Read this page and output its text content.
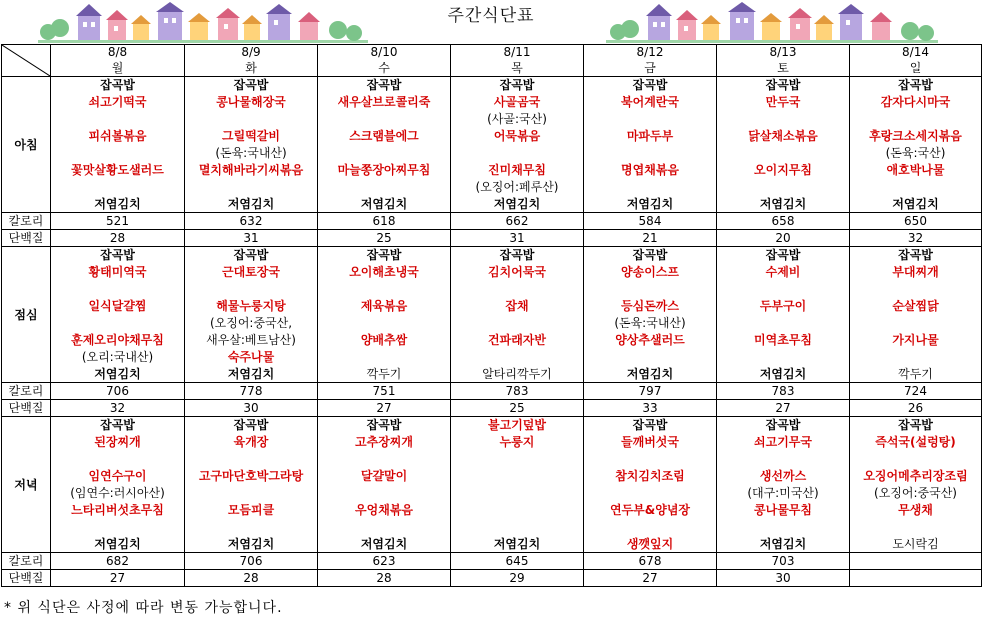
주간식단표
	8/8	8/9	8/10	8/11	8/12	8/13	8/14
	월	화	수	목	금	토	일
아침	잡곡밥	잡곡밥	잡곡밥	잡곡밥	잡곡밥	잡곡밥	잡곡밥
	쇠고기떡국	콩나물해장국	새우살브로콜리죽	사골곰국	북어계란국	만두국	감자다시마국
				(사골:국산)			
	피쉬볼볶음	그릴떡갈비	스크램블에그	어묵볶음	마파두부	닭살채소볶음	후랑크소세지볶음
		(돈육:국내산)					(돈육:국산)
	꽃맛살황도샐러드	멸치해바라기씨볶음	마늘쫑장아찌무침	진미채무침	명엽채볶음	오이지무침	애호박나물
				(오징어:페루산)			
	저염김치	저염김치	저염김치	저염김치	저염김치	저염김치	저염김치
칼로리	521	632	618	662	584	658	650
단백질	28	31	25	31	21	20	32
점심	잡곡밥	잡곡밥	잡곡밥	잡곡밥	잡곡밥	잡곡밥	잡곡밥
	황태미역국	근대토장국	오이해초냉국	김치어묵국	양송이스프	수제비	부대찌개

	일식달걀찜	해물누룽지탕	제육볶음	잡채	등심돈까스	두부구이	순살찜닭
		(오징어:중국산,			(돈육:국내산)		
	훈제오리야채무침	새우살:베트남산)	양배추쌈	건파래자반	양상추샐러드	미역초무침	가지나물
	(오리:국내산)	숙주나물					
	저염김치	저염김치	깍두기	알타리깍두기	저염김치	저염김치	깍두기
칼로리	706	778	751	783	797	783	724
단백질	32	30	27	25	33	27	26
저녁	잡곡밥	잡곡밥	잡곡밥	불고기덮밥	잡곡밥	잡곡밥	잡곡밥
	된장찌개	육개장	고추장찌개	누룽지	들깨버섯국	쇠고기무국	즉석국(설렁탕)

	임연수구이	고구마단호박그라탕	달걀말이		참치김치조림	생선까스	오징어메추리장조림
	(임연수:러시아산)					(대구:미국산)	(오징어:중국산)
	느타리버섯초무침	모듬피클	우엉채볶음		연두부&양념장	콩나물무침	무생채

	저염김치	저염김치	저염김치	저염김치	생깻잎지	저염김치	도시락김
칼로리	682	706	623	645	678	703	
단백질	27	28	28	29	27	30	
* 위 식단은 사정에 따라 변동 가능합니다.
